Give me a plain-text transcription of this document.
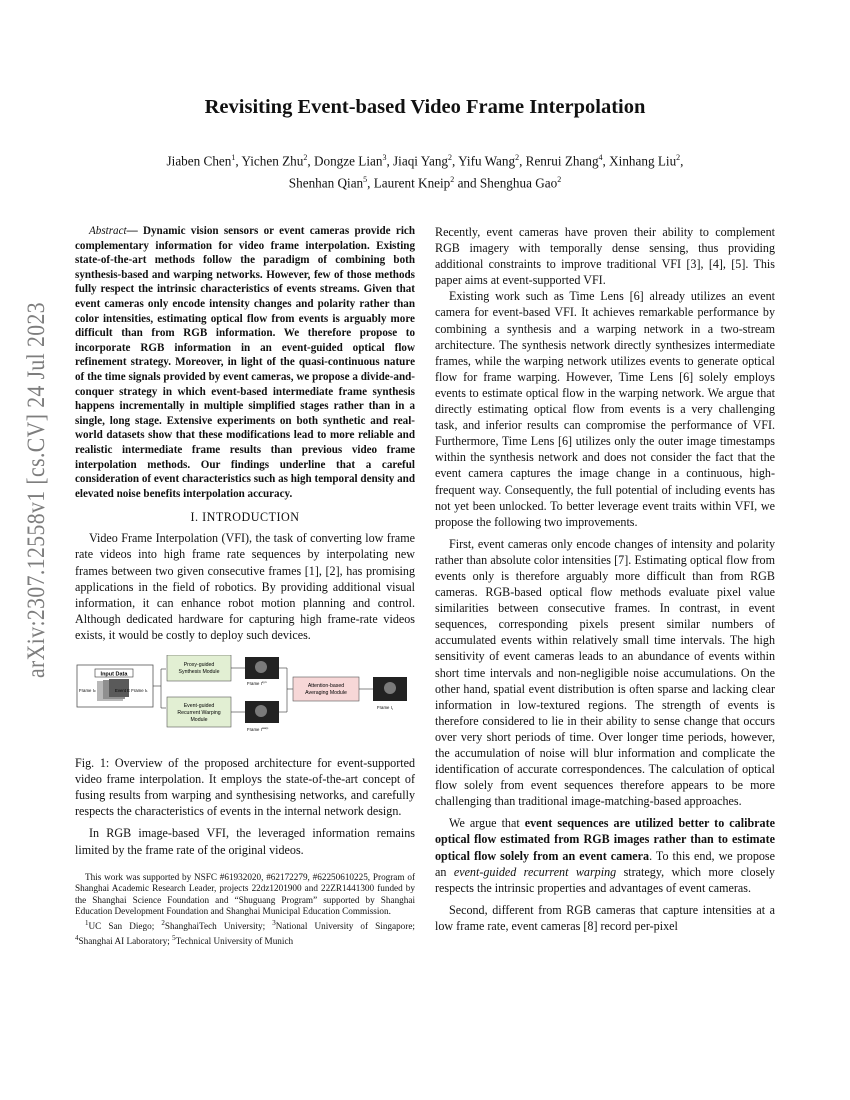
arXiv:2307.12558v1 [cs.CV] 24 Jul 2023
Revisiting Event-based Video Frame Interpolation

Jiaben Chen$^1$, Yichen Zhu$^2$, Dongze Lian$^3$, Jiaqi Yang$^2$, Yifu Wang$^2$, Renrui Zhang$^4$, Xinhang Liu$^2$,
Shenhan Qian$^5$, Laurent Kneip$^2$ and Shenghua Gao$^2$

Abstract— Dynamic vision sensors or event cameras provide rich complementary information for video frame interpolation. Existing state-of-the-art methods follow the paradigm of combining both synthesis-based and warping networks. However, few of those methods fully respect the intrinsic characteristics of events streams. Given that event cameras only encode intensity changes and polarity rather than color intensities, estimating optical flow from events is arguably more difficult than from RGB information. We therefore propose to incorporate RGB information in an event-guided optical flow refinement strategy. Moreover, in light of the quasi-continuous nature of the time signals provided by event cameras, we propose a divide-and-conquer strategy in which event-based intermediate frame synthesis happens incrementally in multiple simplified stages rather than in a single, long stage. Extensive experiments on both synthetic and real-world datasets show that these modifications lead to more reliable and realistic intermediate frame results than previous video frame interpolation methods. Our findings underline that a careful consideration of event characteristics such as high temporal density and elevated noise benefits interpolation accuracy.

I. INTRODUCTION

Video Frame Interpolation (VFI), the task of converting low frame rate videos into high frame rate sequences by interpolating new frames between two given consecutive frames [1], [2], has promising applications in the field of robotics. By providing additional visual information, it can enhance robot motion planning and control. Although dedicated hardware for capturing high frame-rate videos exists, it would be costly to deploy such devices.

Input Data
Frame I0	Event E Frame I1
Proxy-guided Synthesis Module
Event-guided Recurrent Warping Module
Frame $I^{syn}$
Frame $I^{warp}$
Attention-based Averaging Module
Frame $I_t$

Fig. 1: Overview of the proposed architecture for event-supported video frame interpolation. It employs the state-of-the-art concept of fusing results from warping and synthesising networks, and carefully respects the characteristics of events in the internal network design.

In RGB image-based VFI, the leveraged information remains limited by the frame rate of the original videos.

This work was supported by NSFC #61932020, #62172279, #62250610225, Program of Shanghai Academic Research Leader, projects 22dz1201900 and 22ZR1441300 funded by the Shanghai Science Foundation and “Shuguang Program” supported by Shanghai Education Development Foundation and Shanghai Municipal Education Commission.

$^1$UC San Diego; $^2$ShanghaiTech University; $^3$National University of Singapore; $^4$Shanghai AI Laboratory; $^5$Technical University of Munich

Recently, event cameras have proven their ability to complement RGB imagery with temporally dense sensing, thus providing additional constraints to improve traditional VFI [3], [4], [5]. This paper aims at event-supported VFI.

Existing work such as Time Lens [6] already utilizes an event camera for event-based VFI. It achieves remarkable performance by combining a synthesis and a warping network in a two-stream architecture. The synthesis network directly synthesizes intermediate frames, while the warping network utilizes events to generate optical flow for frame warping. However, Time Lens [6] solely employs events to estimate optical flow in the warping network. We argue that directly estimating optical flow from events is a very challenging task, and inferior results can compromise the performance of VFI. Furthermore, Time Lens [6] utilizes only the outer image timestamps within the synthesis network and does not consider the fact that the event camera captures the image change in a continuous, high-frequent way. Consequently, the full potential of including events has not yet been unlocked. To better leverage event traits within VFI, we propose the following two improvements.

First, event cameras only encode changes of intensity and polarity rather than absolute color intensities [7]. Estimating optical flow from events only is therefore arguably more difficult than from RGB cameras. RGB-based optical flow methods evaluate pixel value similarities between consecutive frames. In contrast, in event sequences, corresponding pixels present similar numbers of accumulated events within relatively small time intervals. The high sensitivity of event cameras leads to an abundance of events within short time intervals and non-negligible noise accumulations. On the other hand, spatial event distribution is often sparse and lacking clear information in low-textured regions. The strength of events is therefore considered to lie in their ability to sense change that occurs over very short periods of time. Over longer time periods, however, the accumulation of noise will blur information and complicate the identification of accurate correspondences. The calculation of optical flow solely from event sequences therefore appears to be more challenging than traditional image-matching-based approaches.

We argue that event sequences are utilized better to calibrate optical flow estimated from RGB images rather than to estimate optical flow solely from an event camera. To this end, we propose an event-guided recurrent warping strategy, which more closely respects the intrinsic properties and advantages of event cameras.

Second, different from RGB cameras that capture intensities at a low frame rate, event cameras [8] record per-pixel
